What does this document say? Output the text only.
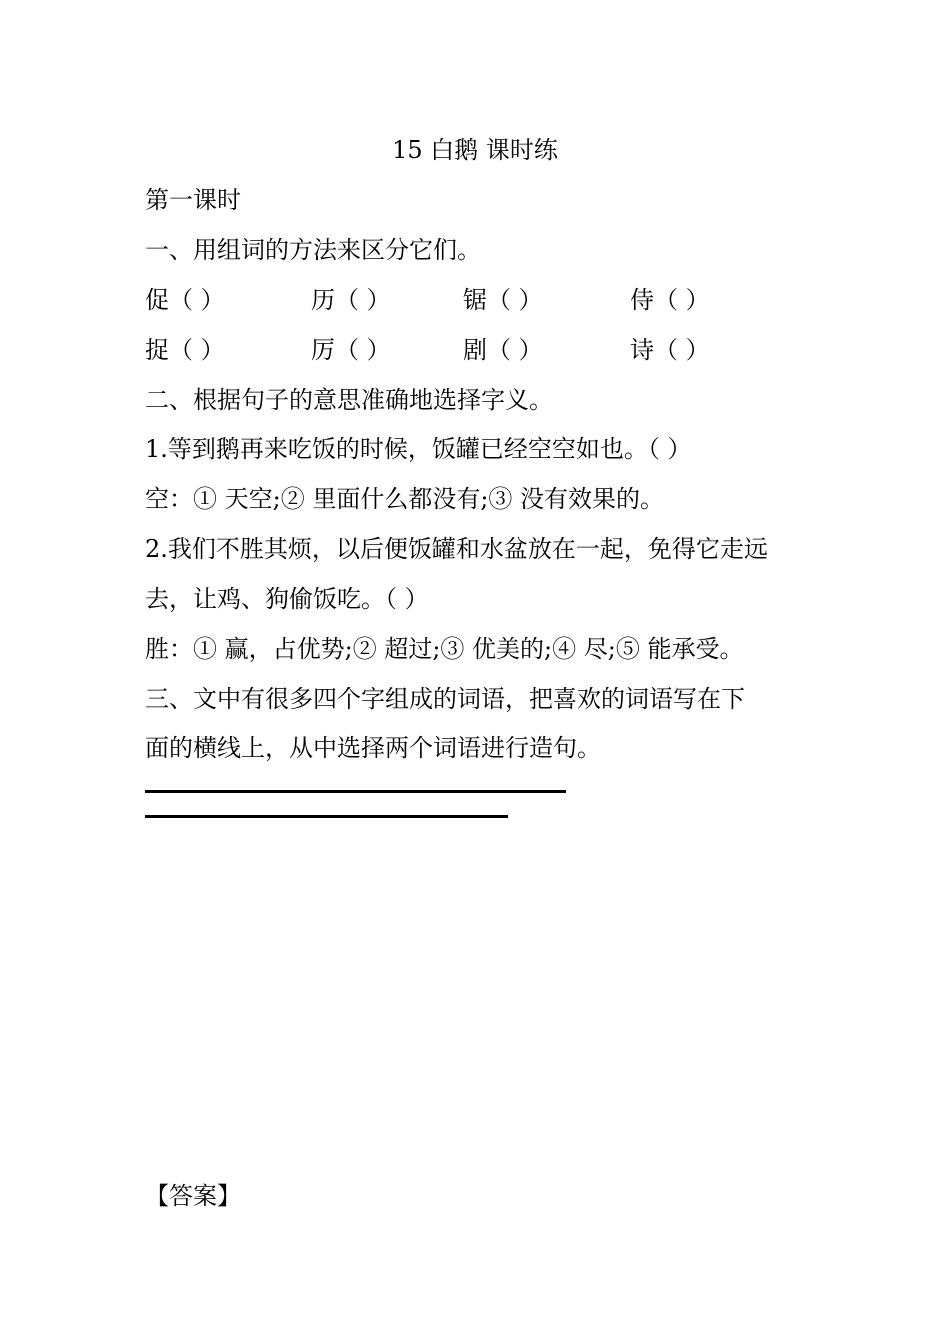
15 白鹅 课时练
第一课时
一、用组词的方法来区分它们。
促（ ）	历（ ）	锯（ ）	侍（ ）
捉（ ）	厉（ ）	剧（ ）	诗（ ）
二、根据句子的意思准确地选择字义。
1.等到鹅再来吃饭的时候，饭罐已经空空如也。（ ）
空：① 天空;② 里面什么都没有;③ 没有效果的。
2.我们不胜其烦，以后便饭罐和水盆放在一起，免得它走远
去，让鸡、狗偷饭吃。（ ）
胜：① 赢，占优势;② 超过;③ 优美的;④ 尽;⑤ 能承受。
三、文中有很多四个字组成的词语，把喜欢的词语写在下
面的横线上，从中选择两个词语进行造句。
【答案】
